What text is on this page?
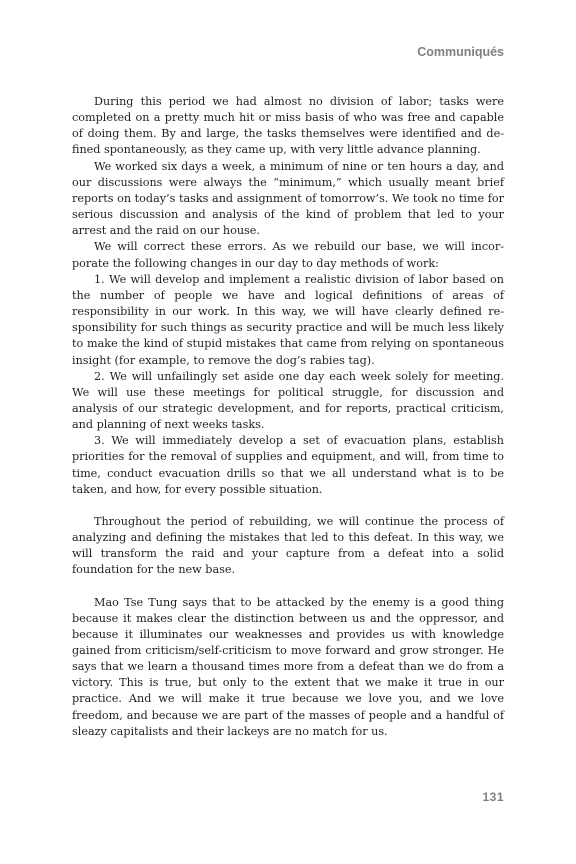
Communiqués

During this period we had almost no division of labor; tasks were completed on a pretty much hit or miss basis of who was free and capable of doing them. By and large, the tasks themselves were identified and defined spontaneously, as they came up, with very little advance planning.

We worked six days a week, a minimum of nine or ten hours a day, and our discussions were always the “minimum,” which usually meant brief reports on today’s tasks and assignment of tomorrow’s. We took no time for serious discussion and analysis of the kind of problem that led to your arrest and the raid on our house.

We will correct these errors. As we rebuild our base, we will incorporate the following changes in our day to day methods of work:

1. We will develop and implement a realistic division of labor based on the number of people we have and logical definitions of areas of responsibility in our work. In this way, we will have clearly defined responsibility for such things as security practice and will be much less likely to make the kind of stupid mistakes that came from relying on spontaneous insight (for example, to remove the dog’s rabies tag).

2. We will unfailingly set aside one day each week solely for meeting. We will use these meetings for political struggle, for discussion and analysis of our strategic development, and for reports, practical criticism, and planning of next weeks tasks.

3. We will immediately develop a set of evacuation plans, establish priorities for the removal of supplies and equipment, and will, from time to time, conduct evacuation drills so that we all understand what is to be taken, and how, for every possible situation.

Throughout the period of rebuilding, we will continue the process of analyzing and defining the mistakes that led to this defeat. In this way, we will transform the raid and your capture from a defeat into a solid foundation for the new base.

Mao Tse Tung says that to be attacked by the enemy is a good thing because it makes clear the distinction between us and the oppressor, and because it illuminates our weaknesses and provides us with knowledge gained from criticism/self-criticism to move forward and grow stronger. He says that we learn a thousand times more from a defeat than we do from a victory. This is true, but only to the extent that we make it true in our practice. And we will make it true because we love you, and we love freedom, and because we are part of the masses of people and a handful of sleazy capitalists and their lackeys are no match for us.

131
